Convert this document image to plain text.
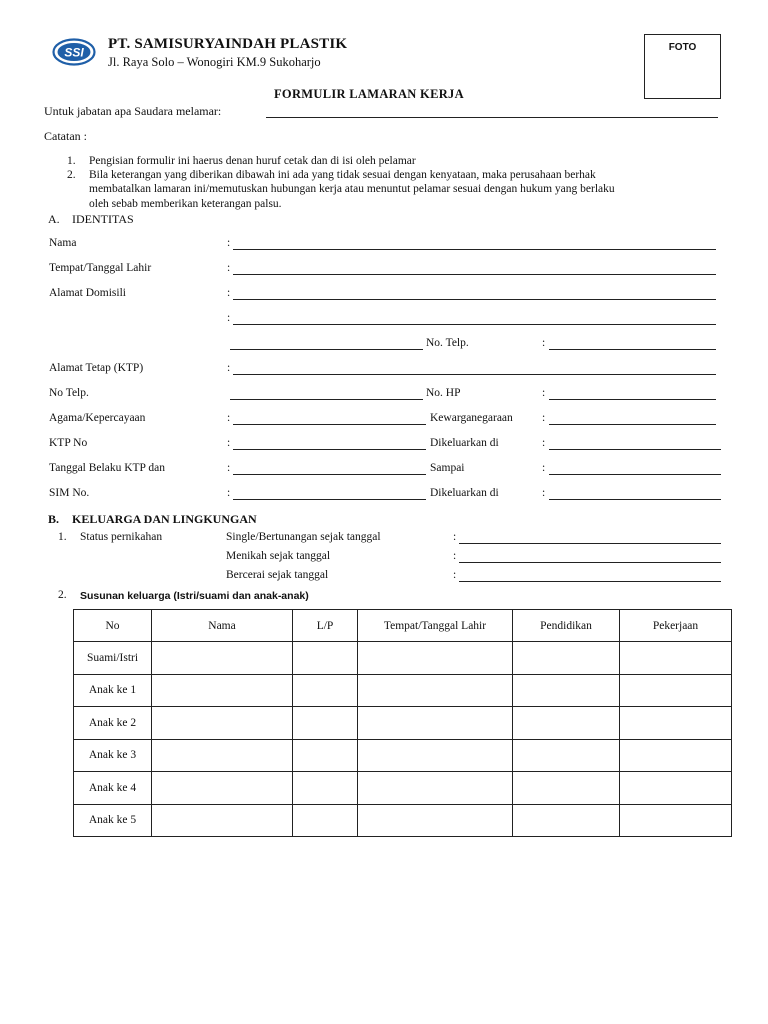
SSI
PT. SAMISURYAINDAH PLASTIK
Jl. Raya Solo – Wonogiri KM.9 Sukoharjo
FOTO
FORMULIR LAMARAN KERJA
Untuk jabatan apa Saudara melamar:
Catatan :
1. Pengisian formulir ini haerus denan huruf cetak dan di isi oleh pelamar
2. Bila keterangan yang diberikan dibawah ini ada yang tidak sesuai dengan kenyataan, maka perusahaan berhak
membatalkan lamaran ini/memutuskan hubungan kerja atau menuntut pelamar sesuai dengan hukum yang berlaku
oleh sebab memberikan keterangan palsu.
A. IDENTITAS
Nama	:
Tempat/Tanggal Lahir	:
Alamat Domisili	:
:
No. Telp.	:
Alamat Tetap (KTP)	:
No Telp.	No. HP	:
Agama/Kepercayaan	:	Kewarganegaraan	:
KTP No	:	Dikeluarkan di	:
Tanggal Belaku KTP dan	:	Sampai	:
SIM No.	:	Dikeluarkan di	:
B. KELUARGA DAN LINGKUNGAN
1. Status pernikahan	Single/Bertunangan sejak tanggal	:
Menikah sejak tanggal	:
Bercerai sejak tanggal	:
2. Susunan keluarga (Istri/suami dan anak-anak)
No	Nama	L/P	Tempat/Tanggal Lahir	Pendidikan	Pekerjaan
Suami/Istri					
Anak ke 1					
Anak ke 2					
Anak ke 3					
Anak ke 4					
Anak ke 5					
